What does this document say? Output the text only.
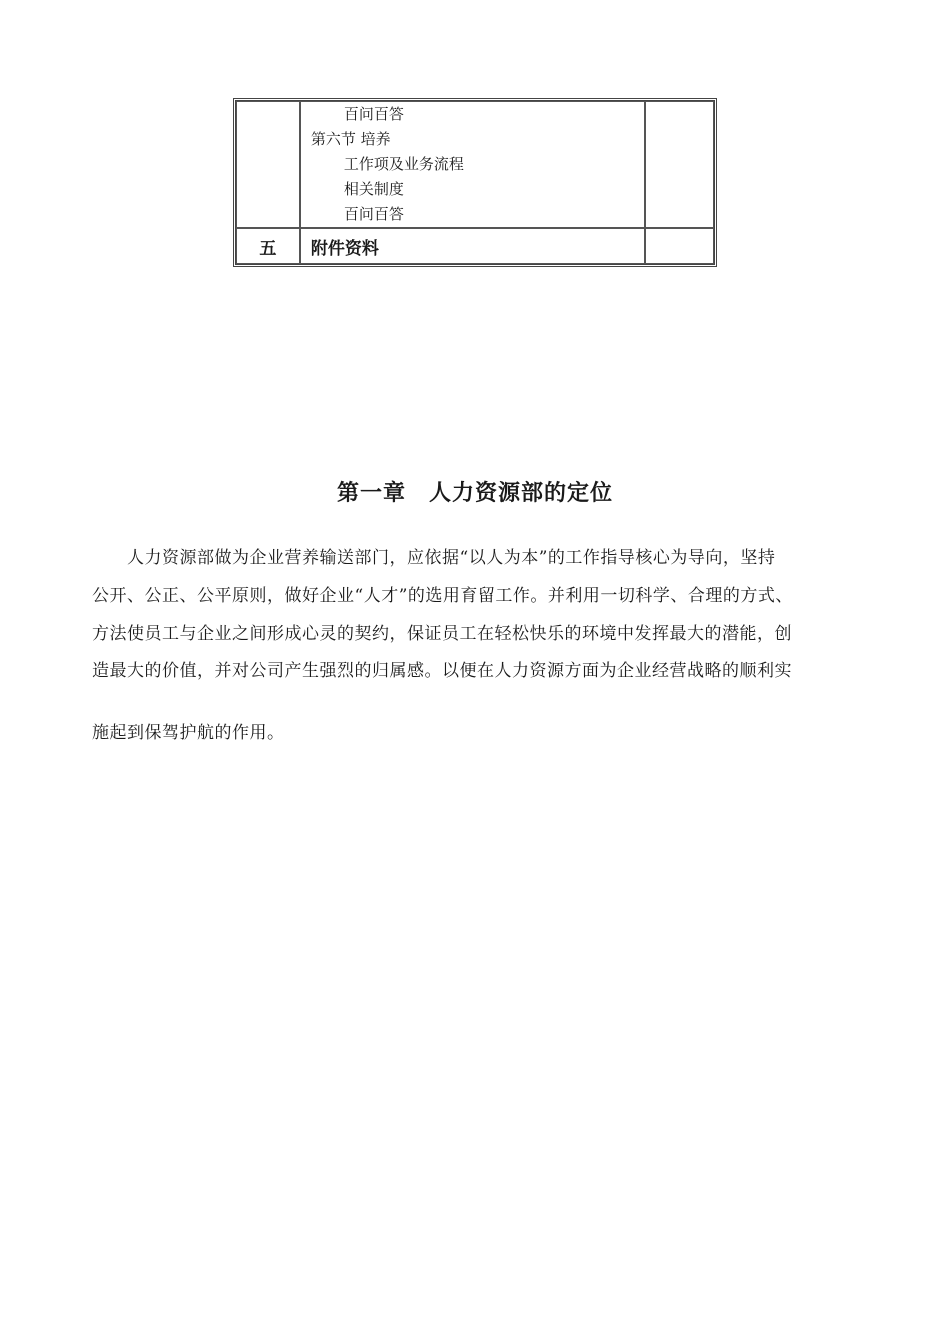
	百问百答
第六节 培养
工作项及业务流程
相关制度
百问百答	

五	附件资料	
第一章　人力资源部的定位
　　人力资源部做为企业营养输送部门，应依据“以人为本”的工作指导核心为导向，坚持
公开、公正、公平原则，做好企业“人才”的选用育留工作。并利用一切科学、合理的方式、
方法使员工与企业之间形成心灵的契约，保证员工在轻松快乐的环境中发挥最大的潜能，创
造最大的价值，并对公司产生强烈的归属感。以便在人力资源方面为企业经营战略的顺利实
施起到保驾护航的作用。
